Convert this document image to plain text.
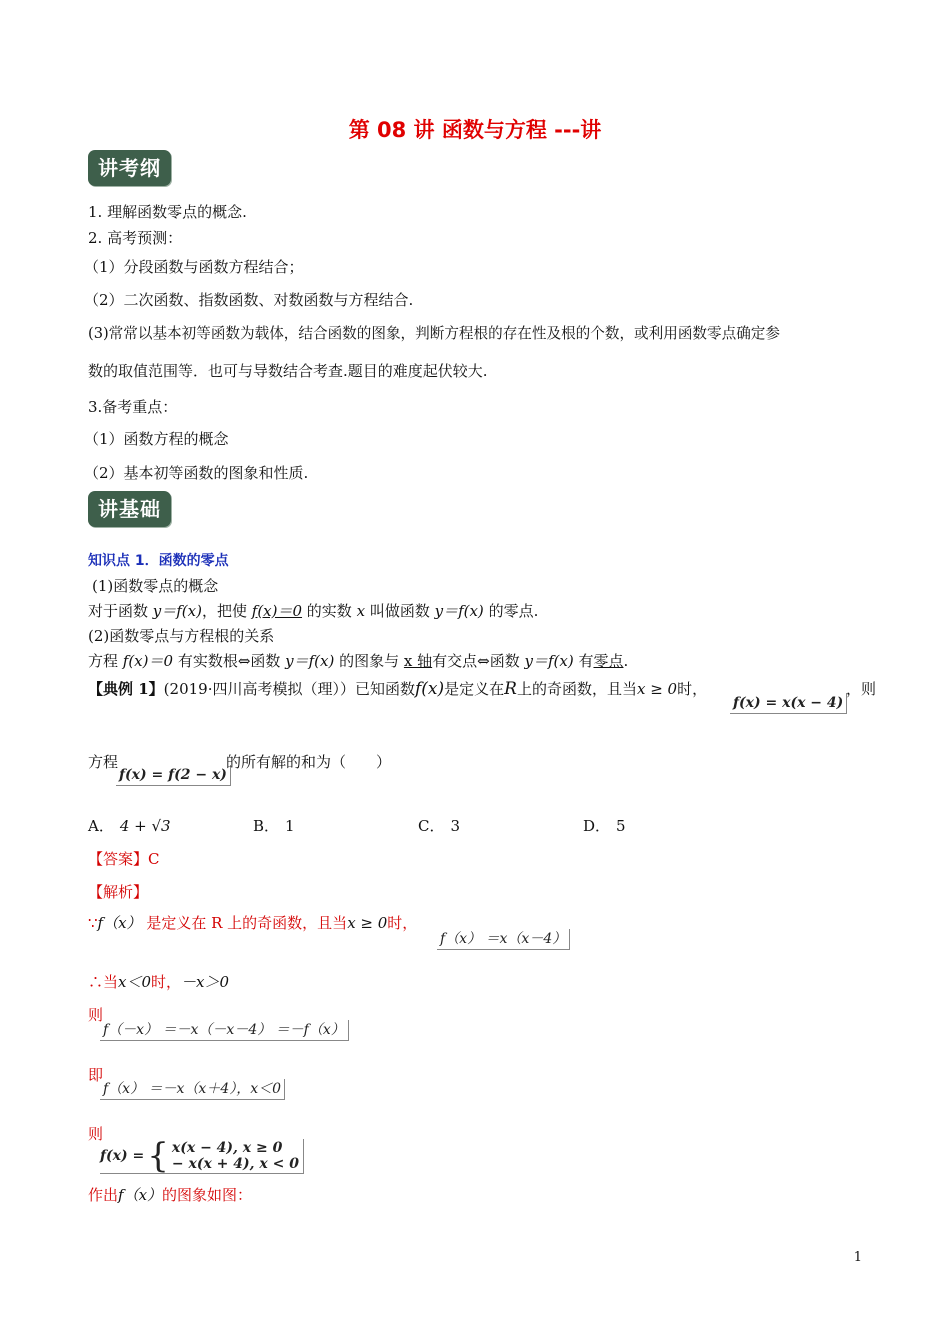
第 08 讲 函数与方程 ---讲
讲考纲
1. 理解函数零点的概念.
2. 高考预测：
（1）分段函数与函数方程结合；
（2）二次函数、指数函数、对数函数与方程结合.
(3)常常以基本初等函数为载体，结合函数的图象，判断方程根的存在性及根的个数，或利用函数零点确定参
数的取值范围等．也可与导数结合考查.题目的难度起伏较大.
3.备考重点：
（1）函数方程的概念
（2）基本初等函数的图象和性质.
讲基础
知识点 1．函数的零点
(1)函数零点的概念
对于函数 y＝f(x)，把使 f(x)＝0 的实数 x 叫做函数 y＝f(x) 的零点.
(2)函数零点与方程根的关系
方程 f(x)＝0 有实数根⇔函数 y＝f(x) 的图象与 x 轴有交点⇔函数 y＝f(x) 有零点.
【典例 1】(2019·四川高考模拟（理））已知函数f(x)是定义在R上的奇函数，且当x ≥ 0时，
f(x) = x(x − 4)
，则
方程
f(x) = f(2 − x)
的所有解的和为（　　）
A． 4 + √3	B． 1	C． 3	D． 5
【答案】C
【解析】
∵f（x） 是定义在 R 上的奇函数，且当x ≥ 0时，
f（x） ＝x（x－4）
∴当x＜0时，－x＞0
则
f（－x） ＝－x（－x－4） ＝－f（x）
即
f（x） ＝－x（x＋4），x＜0
则
f(x) = { x(x − 4), x ≥ 0
− x(x + 4), x < 0
作出f（x）的图象如图：
1
